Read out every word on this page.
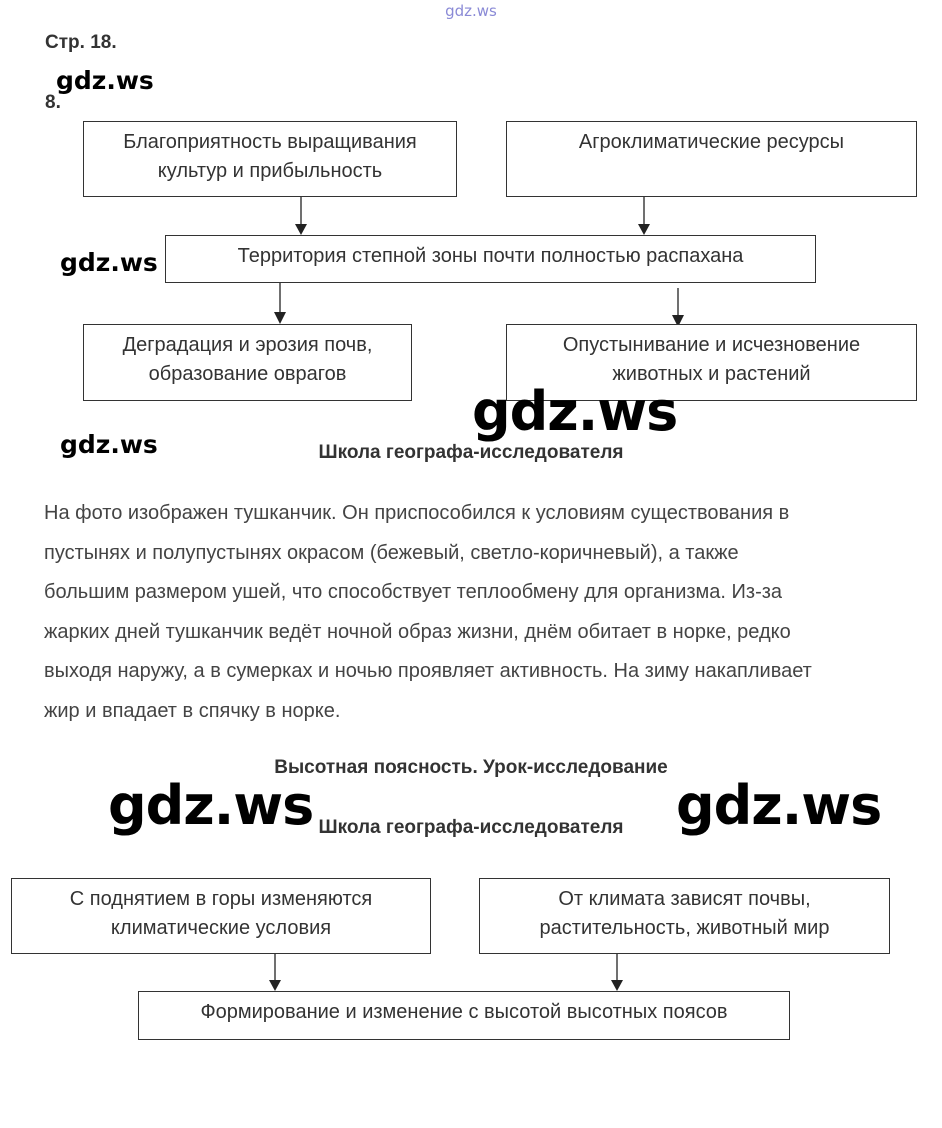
gdz.ws
Стр. 18.
gdz.ws
8.
Благоприятность выращивания
культур и прибыльность
Агроклиматические ресурсы
gdz.ws	Территория степной зоны почти полностью распахана
Деградация и эрозия почв,
образование оврагов
Опустынивание и исчезновение
животных и растений
gdz.ws
gdz.ws	Школа географа-исследователя
На фото изображен тушканчик. Он приспособился к условиям существования в
пустынях и полупустынях окрасом (бежевый, светло-коричневый), а также
большим размером ушей, что способствует теплообмену для организма. Из-за
жарких дней тушканчик ведёт ночной образ жизни, днём обитает в норке, редко
выходя наружу, а в сумерках и ночью проявляет активность. На зиму накапливает
жир и впадает в спячку в норке.
Высотная поясность. Урок-исследование
gdz.ws	gdz.ws
Школа географа-исследователя
С поднятием в горы изменяются
климатические условия
От климата зависят почвы,
растительность, животный мир
Формирование и изменение с высотой высотных поясов
